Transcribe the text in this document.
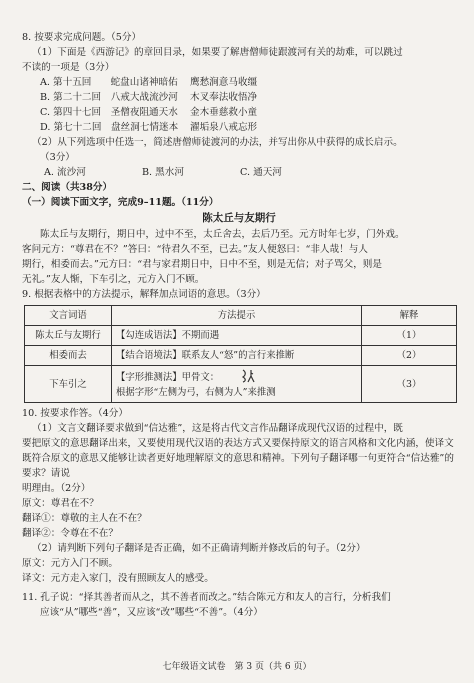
8. 按要求完成问题。（5分）
（1）下面是《西游记》的章回目录，如果要了解唐僧师徒跟渡河有关的劫难，可以跳过
不读的一项是（3分）
A. 第十五回　　蛇盘山诸神暗佑	鹰愁涧意马收缰
B. 第二十二回　八戒大战流沙河	木叉奉法收悟净
C. 第四十七回　圣僧夜阻通天水	金木垂慈救小童
D. 第七十二回　盘丝洞七情迷本	濯垢泉八戒忘形
（2）从下列选项中任选一，简述唐僧师徒渡河的办法，并写出你从中获得的成长启示。
（3分）
A. 流沙河	B. 黑水河	C. 通天河
二、阅读（共38分）
（一）阅读下面文字，完成9–11题。（11分）
陈太丘与友期行
陈太丘与友期行，期日中，过中不至，太丘舍去，去后乃至。元方时年七岁，门外戏。
客问元方：“尊君在不？”答曰：“待君久不至，已去。”友人便怒曰：“非人哉！与人
期行，相委而去。”元方曰：“君与家君期日中，日中不至，则是无信；对子骂父，则是
无礼。”友人惭，下车引之，元方入门不顾。
9. 根据表格中的方法提示，解释加点词语的意思。（3分）
文言词语	方法提示	解释
陈太丘与友期行	【勾连成语法】不期而遇	（1）
相委而去	【结合语境法】联系友人“怒”的言行来推断	（2）
下车引之	【字形推测法】甲骨文：
根据字形“左侧为弓，右侧为人”来推测	（3）
10. 按要求作答。（4分）
（1）文言文翻译要求做到“信达雅”，这是将古代文言作品翻译成现代汉语的过程中，既
要把原文的意思翻译出来，又要使用现代汉语的表达方式又要保持原文的语言风格和文化内涵，使译文既符合原文的意思又能够让读者更好地理解原文的意思和精神。下列句子翻译哪一句更符合“信达雅”的要求？请说
明理由。（2分）
原文：尊君在不？
翻译①：尊敬的主人在不在？
翻译②：令尊在不在？
（2）请判断下列句子翻译是否正确，如不正确请判断并修改后的句子。（2分）
原文：元方入门不顾。
译文：元方走入家门，没有照顾友人的感受。
11. 孔子说：“择其善者而从之，其不善者而改之。”结合陈元方和友人的言行，分析我们
应该“从”哪些“善”，又应该“改”哪些“不善”。（4分）
七年级语文试卷　第 3 页（共 6 页）
